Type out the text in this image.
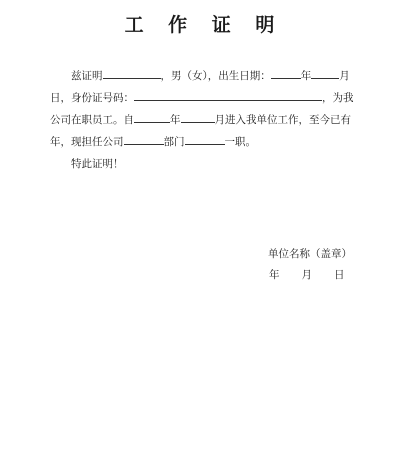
工 作 证 明
兹证明	，男（女），出生日期：	年	月
日，身份证号码：	，为我
公司在职员工。自	年	月进入我单位工作，至今已有
年，现担任公司	部门	一职。
特此证明！
单位名称（盖章）
年 月 日
